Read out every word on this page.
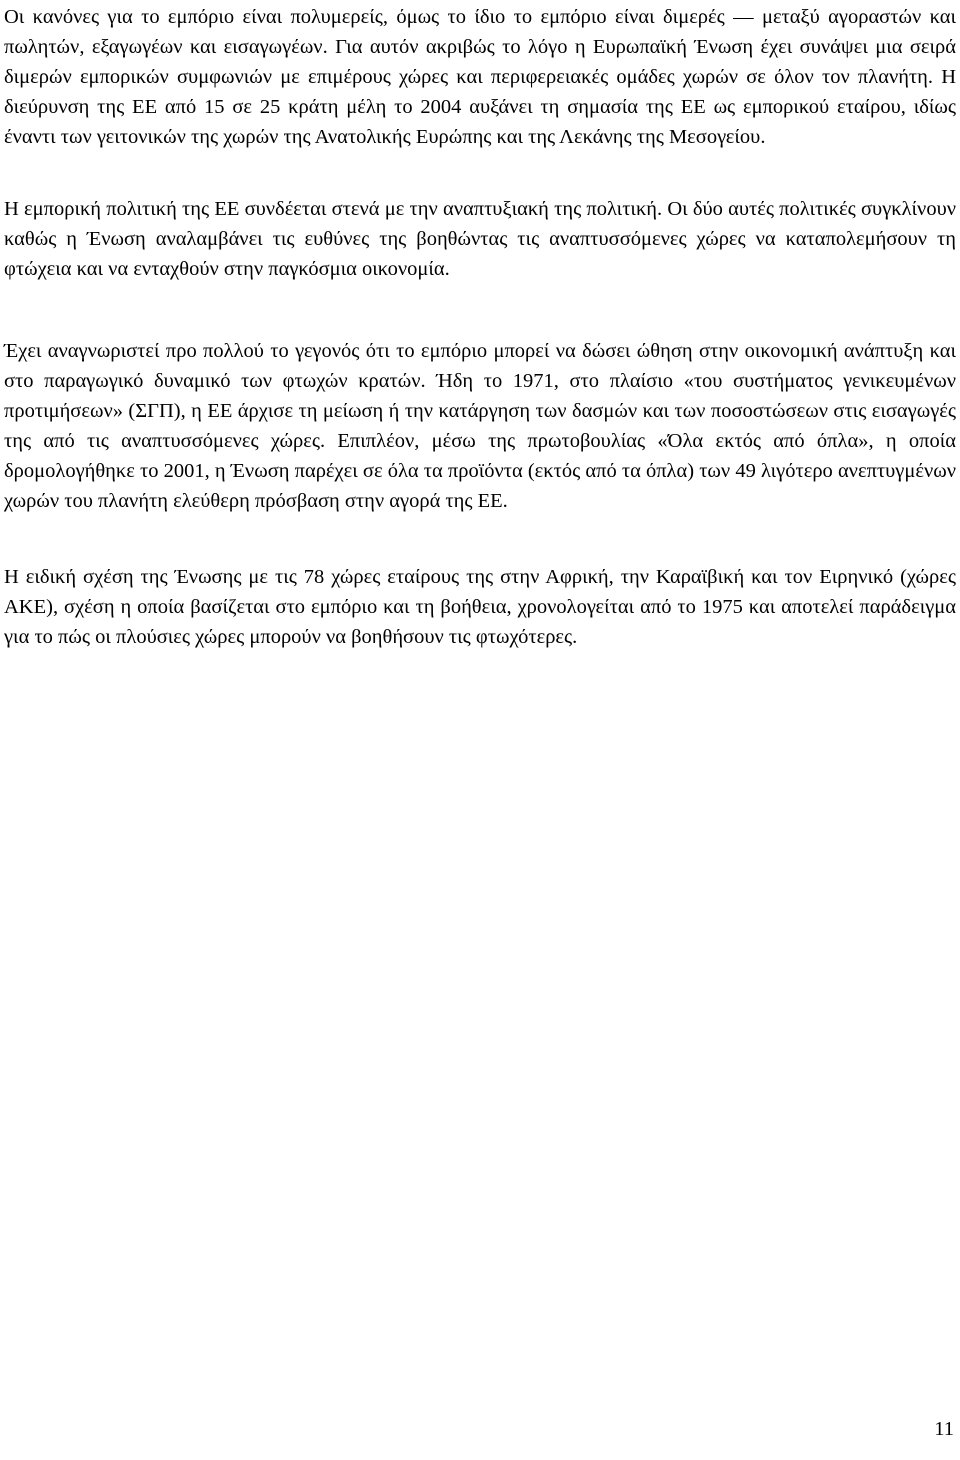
Οι κανόνες για το εμπόριο είναι πολυμερείς, όμως το ίδιο το εμπόριο είναι διμερές — μεταξύ αγοραστών και πωλητών, εξαγωγέων και εισαγωγέων. Για αυτόν ακριβώς το λόγο η Ευρωπαϊκή Ένωση έχει συνάψει μια σειρά διμερών εμπορικών συμφωνιών με επιμέρους χώρες και περιφερειακές ομάδες χωρών σε όλον τον πλανήτη. Η διεύρυνση της ΕΕ από 15 σε 25 κράτη μέλη το 2004 αυξάνει τη σημασία της ΕΕ ως εμπορικού εταίρου, ιδίως έναντι των γειτονικών της χωρών της Ανατολικής Ευρώπης και της Λεκάνης της Μεσογείου.

Η εμπορική πολιτική της ΕΕ συνδέεται στενά με την αναπτυξιακή της πολιτική. Οι δύο αυτές πολιτικές συγκλίνουν καθώς η Ένωση αναλαμβάνει τις ευθύνες της βοηθώντας τις αναπτυσσόμενες χώρες να καταπολεμήσουν τη φτώχεια και να ενταχθούν στην παγκόσμια οικονομία.

Έχει αναγνωριστεί προ πολλού το γεγονός ότι το εμπόριο μπορεί να δώσει ώθηση στην οικονομική ανάπτυξη και στο παραγωγικό δυναμικό των φτωχών κρατών. Ήδη το 1971, στο πλαίσιο «του συστήματος γενικευμένων προτιμήσεων» (ΣΓΠ), η ΕΕ άρχισε τη μείωση ή την κατάργηση των δασμών και των ποσοστώσεων στις εισαγωγές της από τις αναπτυσσόμενες χώρες. Επιπλέον, μέσω της πρωτοβουλίας «Όλα εκτός από όπλα», η οποία δρομολογήθηκε το 2001, η Ένωση παρέχει σε όλα τα προϊόντα (εκτός από τα όπλα) των 49 λιγότερο ανεπτυγμένων χωρών του πλανήτη ελεύθερη πρόσβαση στην αγορά της ΕΕ.

Η ειδική σχέση της Ένωσης με τις 78 χώρες εταίρους της στην Αφρική, την Καραϊβική και τον Ειρηνικό (χώρες ΑΚΕ), σχέση η οποία βασίζεται στο εμπόριο και τη βοήθεια, χρονολογείται από το 1975 και αποτελεί παράδειγμα για το πώς οι πλούσιες χώρες μπορούν να βοηθήσουν τις φτωχότερες.

11
